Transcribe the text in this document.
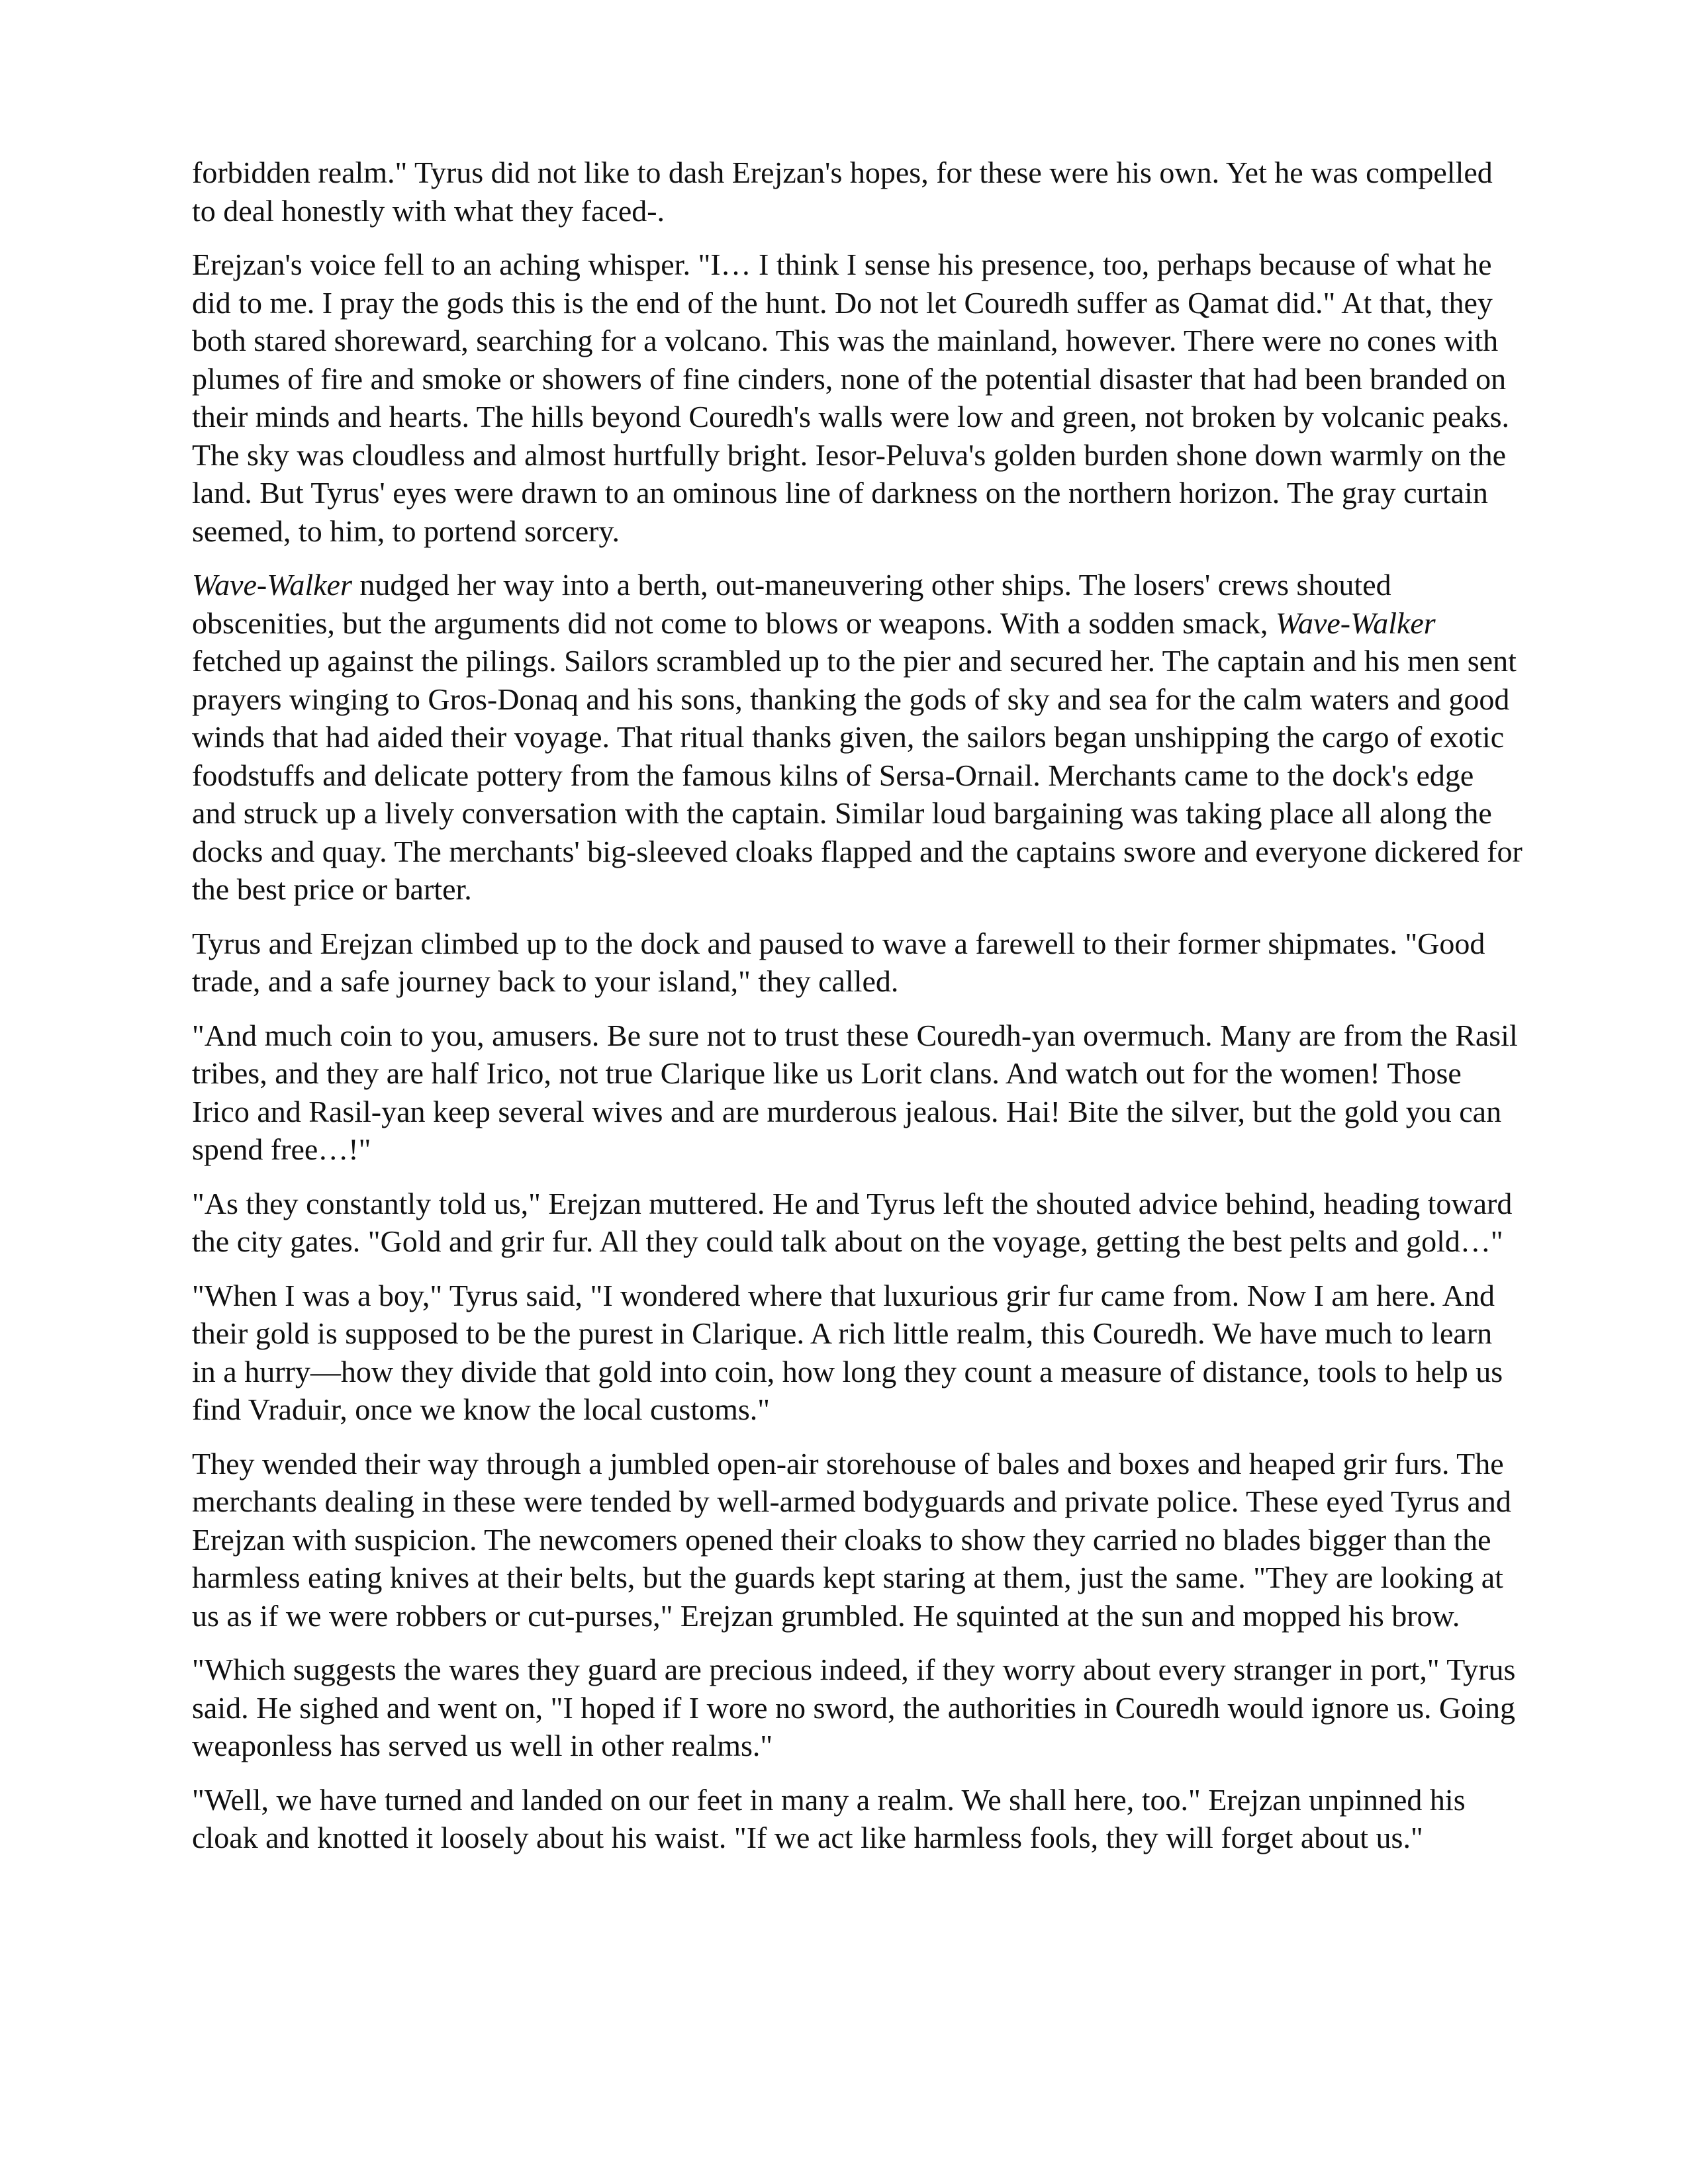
forbidden realm." Tyrus did not like to dash Erejzan's hopes, for these were his own. Yet he was compelled to deal honestly with what they faced-.

Erejzan's voice fell to an aching whisper. "I… I think I sense his presence, too, perhaps because of what he did to me. I pray the gods this is the end of the hunt. Do not let Couredh suffer as Qamat did." At that, they both stared shoreward, searching for a volcano. This was the mainland, however. There were no cones with plumes of fire and smoke or showers of fine cinders, none of the potential disaster that had been branded on their minds and hearts. The hills beyond Couredh's walls were low and green, not broken by volcanic peaks. The sky was cloudless and almost hurtfully bright. Iesor-Peluva's golden burden shone down warmly on the land. But Tyrus' eyes were drawn to an ominous line of darkness on the northern horizon. The gray curtain seemed, to him, to portend sorcery.

Wave-Walker nudged her way into a berth, out-maneuvering other ships. The losers' crews shouted obscenities, but the arguments did not come to blows or weapons. With a sodden smack, Wave-Walker fetched up against the pilings. Sailors scrambled up to the pier and secured her. The captain and his men sent prayers winging to Gros-Donaq and his sons, thanking the gods of sky and sea for the calm waters and good winds that had aided their voyage. That ritual thanks given, the sailors began unshipping the cargo of exotic foodstuffs and delicate pottery from the famous kilns of Sersa-Ornail. Merchants came to the dock's edge and struck up a lively conversation with the captain. Similar loud bargaining was taking place all along the docks and quay. The merchants' big-sleeved cloaks flapped and the captains swore and everyone dickered for the best price or barter.

Tyrus and Erejzan climbed up to the dock and paused to wave a farewell to their former shipmates. "Good trade, and a safe journey back to your island," they called.

"And much coin to you, amusers. Be sure not to trust these Couredh-yan overmuch. Many are from the Rasil tribes, and they are half Irico, not true Clarique like us Lorit clans. And watch out for the women! Those Irico and Rasil-yan keep several wives and are murderous jealous. Hai! Bite the silver, but the gold you can spend free…!"

"As they constantly told us," Erejzan muttered. He and Tyrus left the shouted advice behind, heading toward the city gates. "Gold and grir fur. All they could talk about on the voyage, getting the best pelts and gold…"

"When I was a boy," Tyrus said, "I wondered where that luxurious grir fur came from. Now I am here. And their gold is supposed to be the purest in Clarique. A rich little realm, this Couredh. We have much to learn in a hurry—how they divide that gold into coin, how long they count a measure of distance, tools to help us find Vraduir, once we know the local customs."

They wended their way through a jumbled open-air storehouse of bales and boxes and heaped grir furs. The merchants dealing in these were tended by well-armed bodyguards and private police. These eyed Tyrus and Erejzan with suspicion. The newcomers opened their cloaks to show they carried no blades bigger than the harmless eating knives at their belts, but the guards kept staring at them, just the same. "They are looking at us as if we were robbers or cut-purses," Erejzan grumbled. He squinted at the sun and mopped his brow.

"Which suggests the wares they guard are precious indeed, if they worry about every stranger in port," Tyrus said. He sighed and went on, "I hoped if I wore no sword, the authorities in Couredh would ignore us. Going weaponless has served us well in other realms."

"Well, we have turned and landed on our feet in many a realm. We shall here, too." Erejzan unpinned his cloak and knotted it loosely about his waist. "If we act like harmless fools, they will forget about us."
